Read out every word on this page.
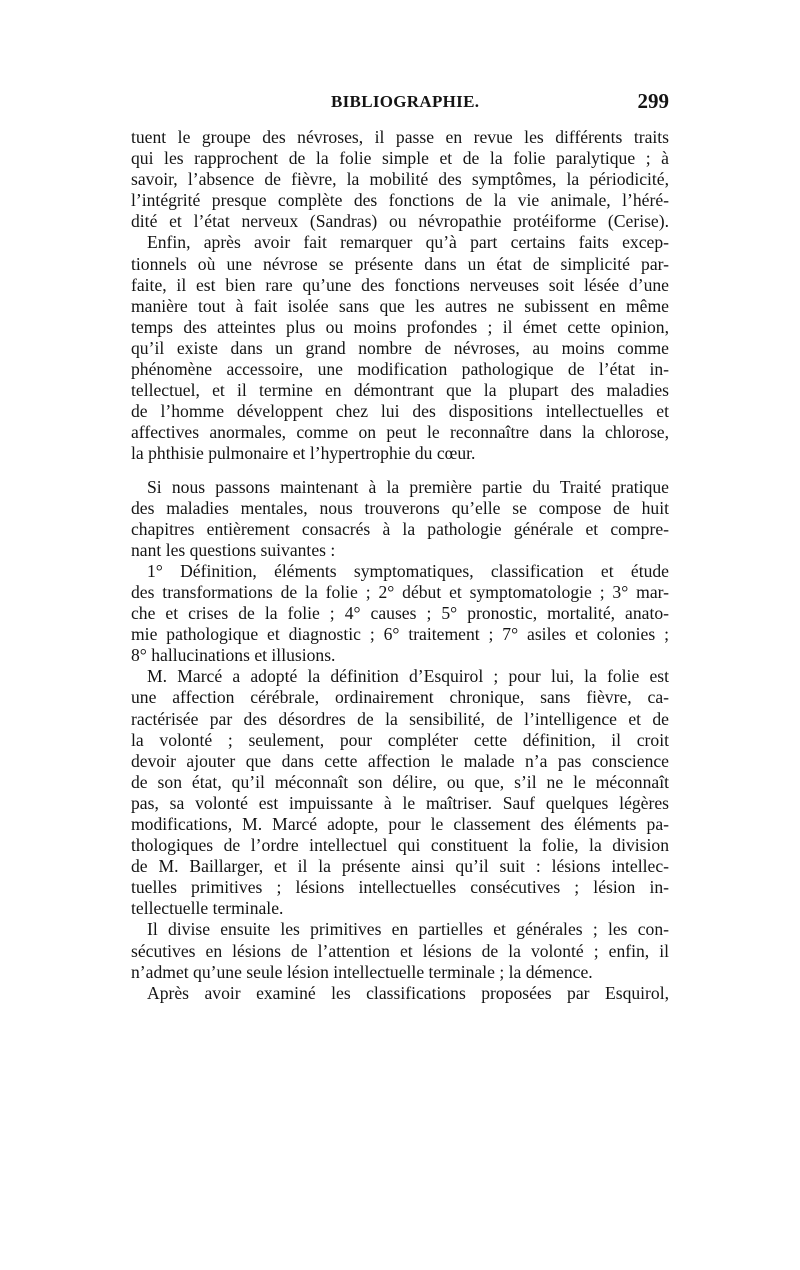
BIBLIOGRAPHIE.	299
tuent le groupe des névroses, il passe en revue les différents traits
qui les rapprochent de la folie simple et de la folie paralytique ; à
savoir, l’absence de fièvre, la mobilité des symptômes, la périodicité,
l’intégrité presque complète des fonctions de la vie animale, l’héré-
dité et l’état nerveux (Sandras) ou névropathie protéiforme (Cerise).
Enfin, après avoir fait remarquer qu’à part certains faits excep-
tionnels où une névrose se présente dans un état de simplicité par-
faite, il est bien rare qu’une des fonctions nerveuses soit lésée d’une
manière tout à fait isolée sans que les autres ne subissent en même
temps des atteintes plus ou moins profondes ; il émet cette opinion,
qu’il existe dans un grand nombre de névroses, au moins comme
phénomène accessoire, une modification pathologique de l’état in-
tellectuel, et il termine en démontrant que la plupart des maladies
de l’homme développent chez lui des dispositions intellectuelles et
affectives anormales, comme on peut le reconnaître dans la chlorose,
la phthisie pulmonaire et l’hypertrophie du cœur.
Si nous passons maintenant à la première partie du Traité pratique
des maladies mentales, nous trouverons qu’elle se compose de huit
chapitres entièrement consacrés à la pathologie générale et compre-
nant les questions suivantes :
1° Définition, éléments symptomatiques, classification et étude
des transformations de la folie ; 2° début et symptomatologie ; 3° mar-
che et crises de la folie ; 4° causes ; 5° pronostic, mortalité, anato-
mie pathologique et diagnostic ; 6° traitement ; 7° asiles et colonies ;
8° hallucinations et illusions.
M. Marcé a adopté la définition d’Esquirol ; pour lui, la folie est
une affection cérébrale, ordinairement chronique, sans fièvre, ca-
ractérisée par des désordres de la sensibilité, de l’intelligence et de
la volonté ; seulement, pour compléter cette définition, il croit
devoir ajouter que dans cette affection le malade n’a pas conscience
de son état, qu’il méconnaît son délire, ou que, s’il ne le méconnaît
pas, sa volonté est impuissante à le maîtriser. Sauf quelques légères
modifications, M. Marcé adopte, pour le classement des éléments pa-
thologiques de l’ordre intellectuel qui constituent la folie, la division
de M. Baillarger, et il la présente ainsi qu’il suit : lésions intellec-
tuelles primitives ; lésions intellectuelles consécutives ; lésion in-
tellectuelle terminale.
Il divise ensuite les primitives en partielles et générales ; les con-
sécutives en lésions de l’attention et lésions de la volonté ; enfin, il
n’admet qu’une seule lésion intellectuelle terminale ; la démence.
Après avoir examiné les classifications proposées par Esquirol,
